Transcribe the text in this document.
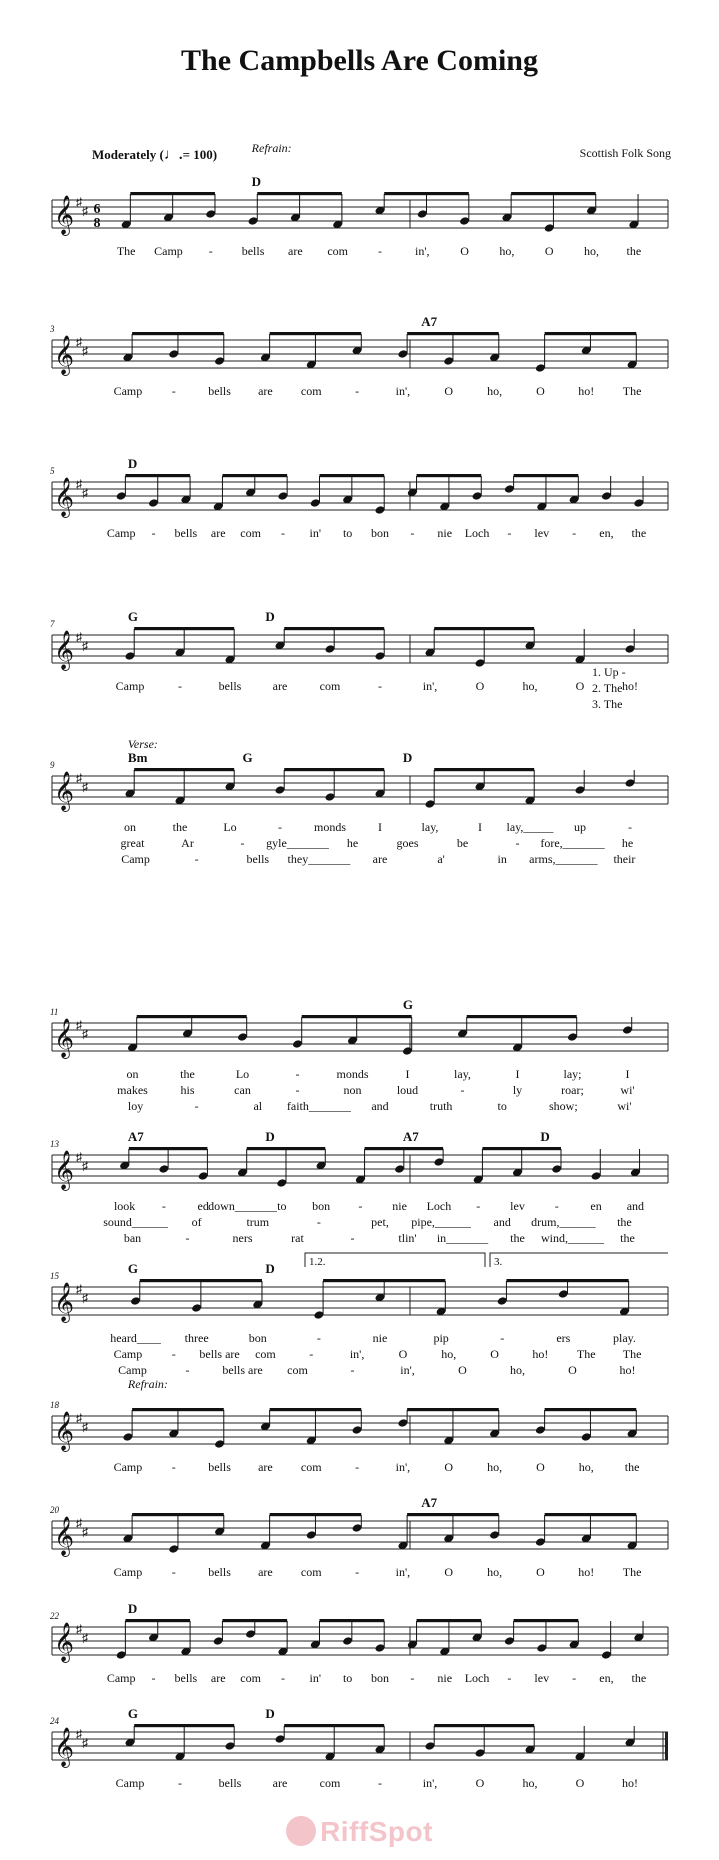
The Campbells Are Coming
Moderately (♩.= 100)	Scottish Folk Song
𝄞 ♯
♯ 6
8
Refrain:
D
The Camp - bells are com -	in',	O	ho,	O	ho, the
𝄞 ♯
♯
3	A7
Camp -	bells are com	-	in',	O	ho,	O	ho! The
𝄞 ♯
♯
5	D
Camp - bells are com - in' to bon - nie Loch - lev - en, the
𝄞 ♯
♯
7	G	D
Camp	-	bells	are	com	-	in',	O	ho,	O	ho!
1. Up -
2. The
3. The
𝄞 ♯
♯
9
Verse:
Bm	G	D
on	the	Lo	-	monds	I	lay,	I lay,_____ up	-
great	Ar	- gyle_______ he	goes	be	- fore,_______ he
Camp	-	bells they_______ are	a'	in arms,_______ their
𝄞 ♯
♯
11	G
on	the	Lo	-	monds	I	lay,	I	lay;	I
makes	his	can	-	non	loud	-	ly	roar;	wi'
loy	-	al faith_______ and	truth	to	show;	wi'
𝄞 ♯
♯
13	A7	D	A7	D
look -	ed down_______ to bon - nie Loch - lev -	en and
sound______ of	trum	-	pet, pipe,______ and drum,______ the
ban	-	ners	rat	-	tlin' in_______ the wind,______ the
𝄞 ♯
♯
15	G	D	1.2.	3.
heard____ three	bon	-	nie	pip	-	ers	play.
Camp - bells are com	-	in',	O	ho,	O	ho! The The
Camp	-	bells are com	-	in',	O	ho,	O	ho!
𝄞 ♯
♯
18
Refrain:
Camp -	bells are com	-	in',	O	ho,	O	ho,	the
𝄞 ♯
♯
20	A7
Camp -	bells are com	-	in',	O	ho,	O	ho! The
𝄞 ♯
♯
22	D
Camp - bells are com - in' to bon - nie Loch - lev - en, the
𝄞 ♯
♯
24	G	D
Camp	-	bells	are	com	-	in',	O	ho,	O	ho!
RiffSpot
